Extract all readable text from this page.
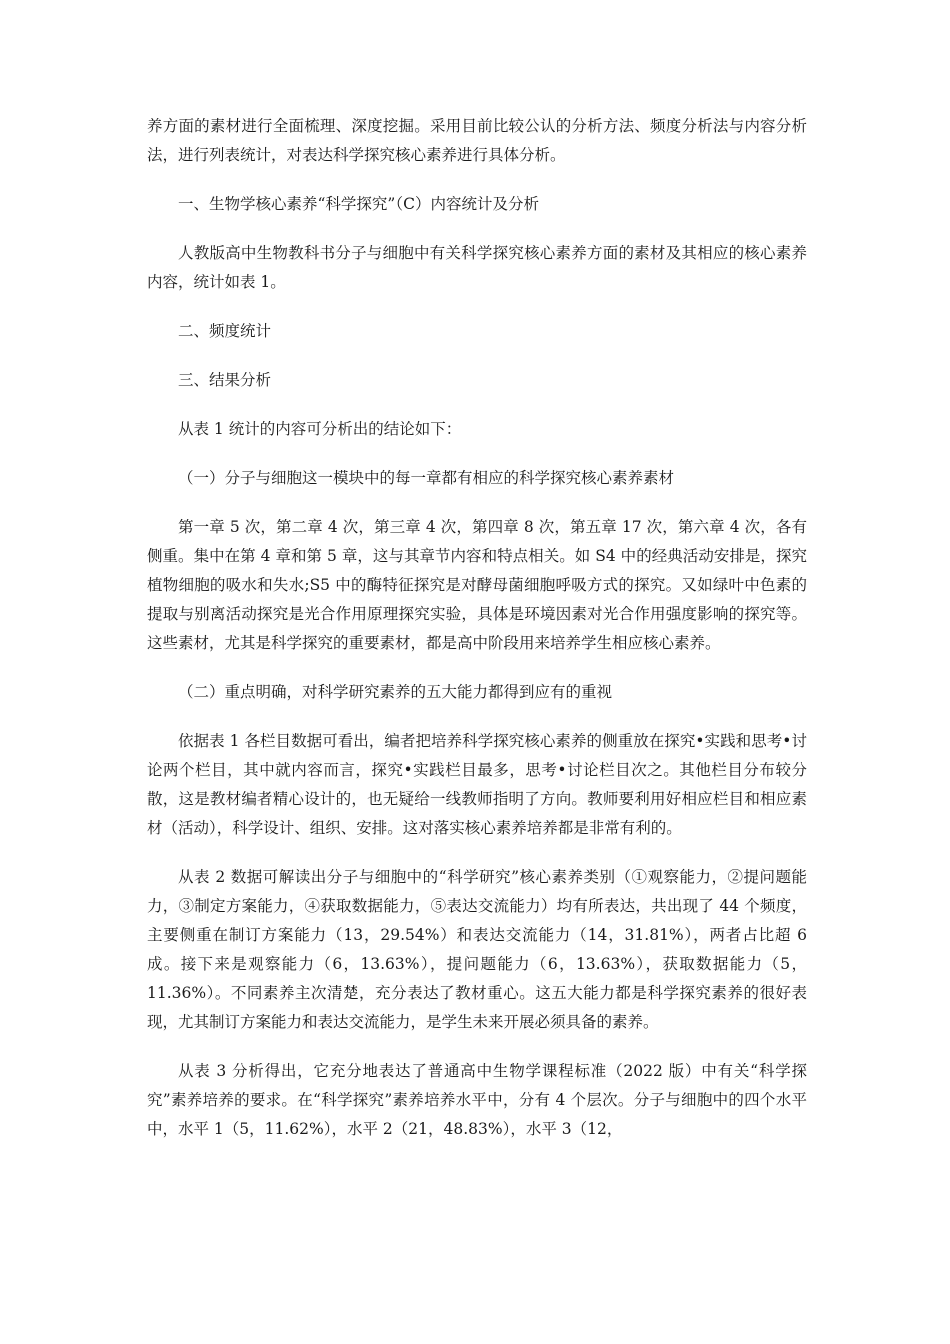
养方面的素材进行全面梳理、深度挖掘。采用目前比较公认的分析方法、频度分析法与内容分析法，进行列表统计，对表达科学探究核心素养进行具体分析。

一、生物学核心素养“科学探究”（C）内容统计及分析

人教版高中生物教科书分子与细胞中有关科学探究核心素养方面的素材及其相应的核心素养内容，统计如表 1。

二、频度统计

三、结果分析

从表 1 统计的内容可分析出的结论如下：

（一）分子与细胞这一模块中的每一章都有相应的科学探究核心素养素材

第一章 5 次，第二章 4 次，第三章 4 次，第四章 8 次，第五章 17 次，第六章 4 次，各有侧重。集中在第 4 章和第 5 章，这与其章节内容和特点相关。如 S4 中的经典活动安排是，探究植物细胞的吸水和失水;S5 中的酶特征探究是对酵母菌细胞呼吸方式的探究。又如绿叶中色素的提取与别离活动探究是光合作用原理探究实验，具体是环境因素对光合作用强度影响的探究等。这些素材，尤其是科学探究的重要素材，都是高中阶段用来培养学生相应核心素养。

（二）重点明确，对科学研究素养的五大能力都得到应有的重视

依据表 1 各栏目数据可看出，编者把培养科学探究核心素养的侧重放在探究•实践和思考•讨论两个栏目，其中就内容而言，探究•实践栏目最多，思考•讨论栏目次之。其他栏目分布较分散，这是教材编者精心设计的，也无疑给一线教师指明了方向。教师要利用好相应栏目和相应素材（活动），科学设计、组织、安排。这对落实核心素养培养都是非常有利的。

从表 2 数据可解读出分子与细胞中的“科学研究”核心素养类别（①观察能力，②提问题能力，③制定方案能力，④获取数据能力，⑤表达交流能力）均有所表达，共出现了 44 个频度，主要侧重在制订方案能力（13，29.54%）和表达交流能力（14，31.81%），两者占比超 6 成。接下来是观察能力（6，13.63%），提问题能力（6，13.63%），获取数据能力（5，11.36%）。不同素养主次清楚，充分表达了教材重心。这五大能力都是科学探究素养的很好表现，尤其制订方案能力和表达交流能力，是学生未来开展必须具备的素养。

从表 3 分析得出，它充分地表达了普通高中生物学课程标准（2022 版）中有关“科学探究”素养培养的要求。在“科学探究”素养培养水平中，分有 4 个层次。分子与细胞中的四个水平中，水平 1（5，11.62%），水平 2（21，48.83%），水平 3（12，
